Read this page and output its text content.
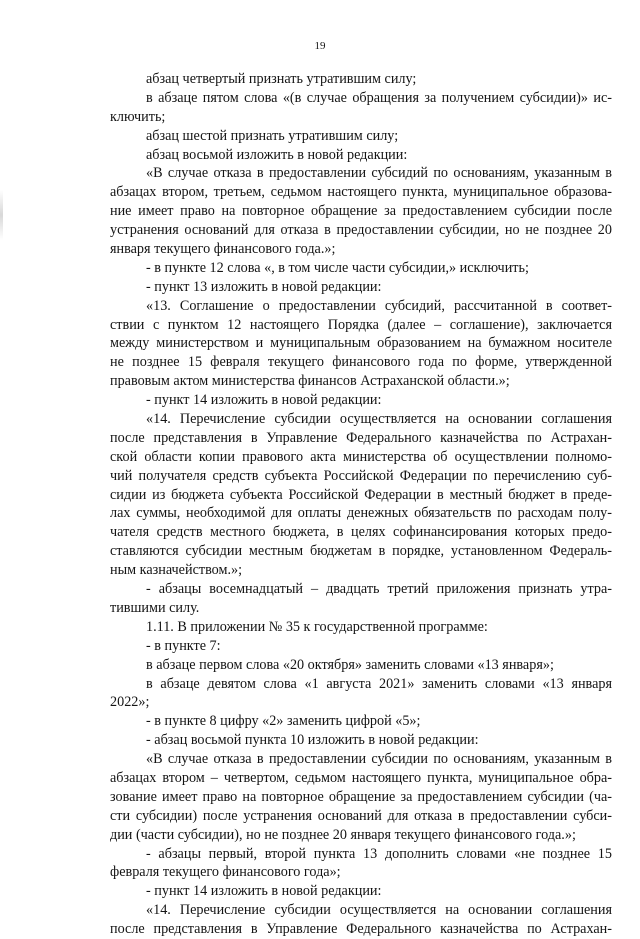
19
абзац четвертый признать утратившим силу;
в абзаце пятом слова «(в случае обращения за получением субсидии)» ис-
ключить;
абзац шестой признать утратившим силу;
абзац восьмой изложить в новой редакции:
«В случае отказа в предоставлении субсидий по основаниям, указанным в
абзацах втором, третьем, седьмом настоящего пункта, муниципальное образова-
ние имеет право на повторное обращение за предоставлением субсидии после
устранения оснований для отказа в предоставлении субсидии, но не позднее 20
января текущего финансового года.»;
- в пункте 12 слова «, в том числе части субсидии,» исключить;
- пункт 13 изложить в новой редакции:
«13. Соглашение о предоставлении субсидий, рассчитанной в соответ-
ствии с пунктом 12 настоящего Порядка (далее – соглашение), заключается
между министерством и муниципальным образованием на бумажном носителе
не позднее 15 февраля текущего финансового года по форме, утвержденной
правовым актом министерства финансов Астраханской области.»;
- пункт 14 изложить в новой редакции:
«14. Перечисление субсидии осуществляется на основании соглашения
после представления в Управление Федерального казначейства по Астрахан-
ской области копии правового акта министерства об осуществлении полномо-
чий получателя средств субъекта Российской Федерации по перечислению суб-
сидии из бюджета субъекта Российской Федерации в местный бюджет в преде-
лах суммы, необходимой для оплаты денежных обязательств по расходам полу-
чателя средств местного бюджета, в целях софинансирования которых предо-
ставляются субсидии местным бюджетам в порядке, установленном Федераль-
ным казначейством.»;
- абзацы восемнадцатый – двадцать третий приложения признать утра-
тившими силу.
1.11. В приложении № 35 к государственной программе:
- в пункте 7:
в абзаце первом слова «20 октября» заменить словами «13 января»;
в абзаце девятом слова «1 августа 2021» заменить словами «13 января
2022»;
- в пункте 8 цифру «2» заменить цифрой «5»;
- абзац восьмой пункта 10 изложить в новой редакции:
«В случае отказа в предоставлении субсидии по основаниям, указанным в
абзацах втором – четвертом, седьмом настоящего пункта, муниципальное обра-
зование имеет право на повторное обращение за предоставлением субсидии (ча-
сти субсидии) после устранения оснований для отказа в предоставлении субси-
дии (части субсидии), но не позднее 20 января текущего финансового года.»;
- абзацы первый, второй пункта 13 дополнить словами «не позднее 15
февраля текущего финансового года»;
- пункт 14 изложить в новой редакции:
«14. Перечисление субсидии осуществляется на основании соглашения
после представления в Управление Федерального казначейства по Астрахан-
